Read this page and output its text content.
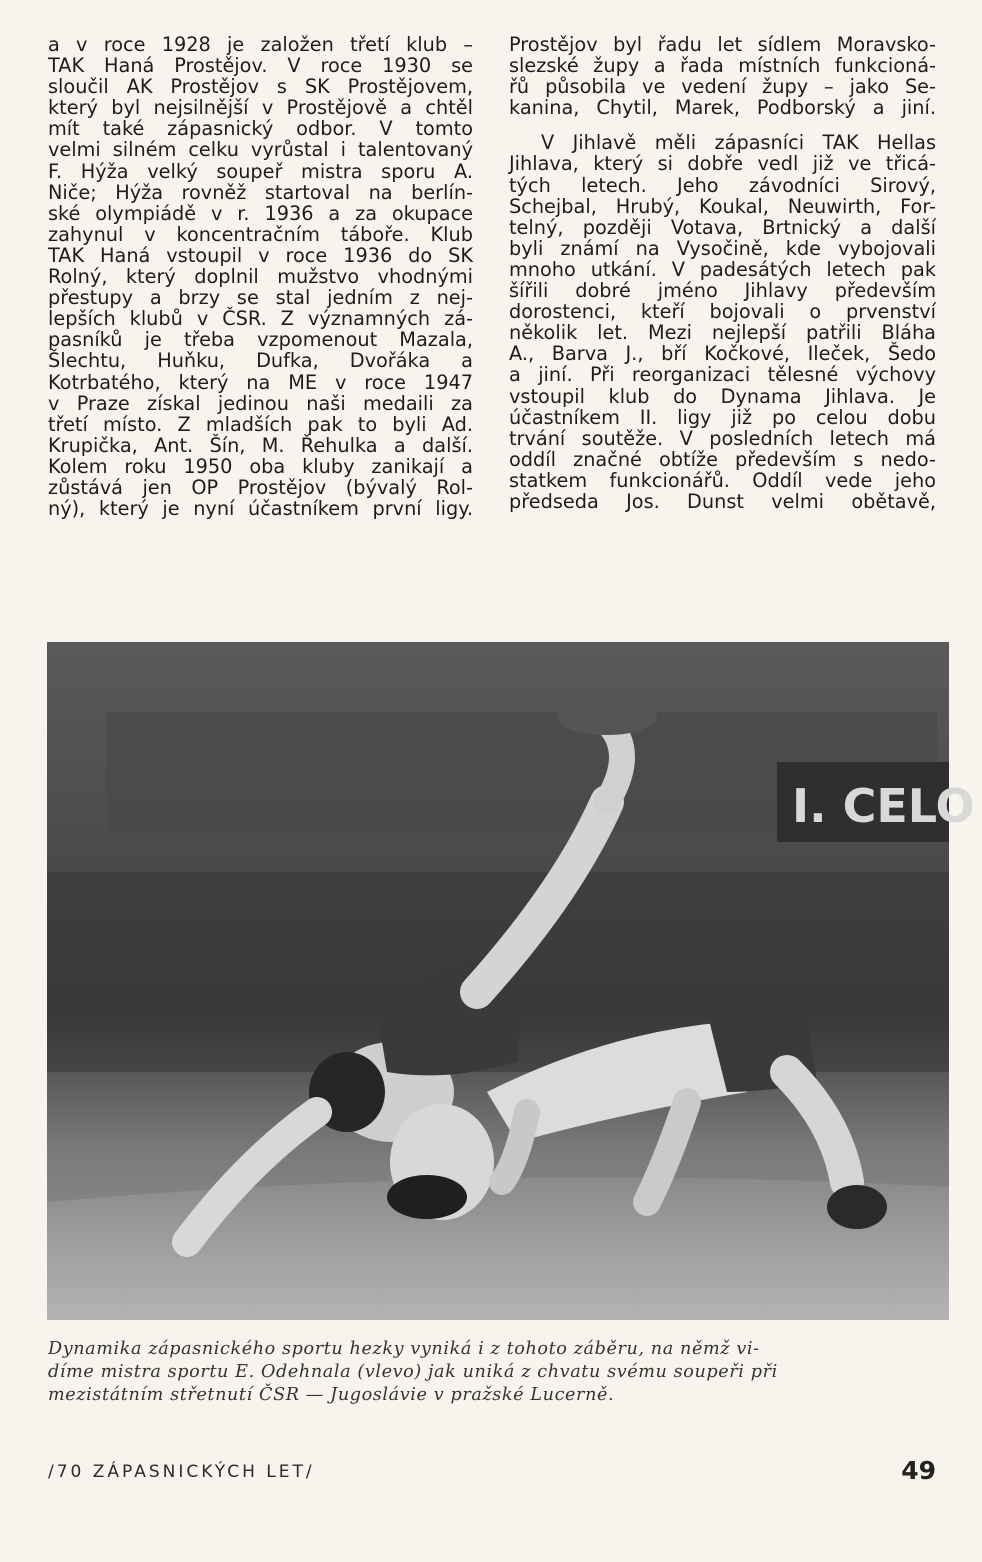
a v roce 1928 je založen třetí klub –
TAK Haná Prostějov. V roce 1930 se
sloučil AK Prostějov s SK Prostějovem,
který byl nejsilnější v Prostějově a chtěl
mít také zápasnický odbor. V tomto
velmi silném celku vyrůstal i talentovaný
F. Hýža velký soupeř mistra sporu A.
Niče; Hýža rovněž startoval na berlín-
ské olympiádě v r. 1936 a za okupace
zahynul v koncentračním táboře. Klub
TAK Haná vstoupil v roce 1936 do SK
Rolný, který doplnil mužstvo vhodnými
přestupy a brzy se stal jedním z nej-
lepších klubů v ČSR. Z významných zá-
pasníků je třeba vzpomenout Mazala,
Šlechtu, Huňku, Dufka, Dvořáka a
Kotrbatého, který na ME v roce 1947
v Praze získal jedinou naši medaili za
třetí místo. Z mladších pak to byli Ad.
Krupička, Ant. Šín, M. Řehulka a další.
Kolem roku 1950 oba kluby zanikají a
zůstává jen OP Prostějov (bývalý Rol-
ný), který je nyní účastníkem první ligy.

Prostějov byl řadu let sídlem Moravsko-
slezské župy a řada místních funkcioná-
řů působila ve vedení župy – jako Se-
kanina, Chytil, Marek, Podborský a jiní.

V Jihlavě měli zápasníci TAK Hellas
Jihlava, který si dobře vedl již ve třicá-
tých letech. Jeho závodníci Sirový,
Schejbal, Hrubý, Koukal, Neuwirth, For-
telný, později Votava, Brtnický a další
byli známí na Vysočině, kde vybojovali
mnoho utkání. V padesátých letech pak
šířili dobré jméno Jihlavy především
dorostenci, kteří bojovali o prvenství
několik let. Mezi nejlepší patřili Bláha
A., Barva J., bří Kočkové, Ileček, Šedo
a jiní. Při reorganizaci tělesné výchovy
vstoupil klub do Dynama Jihlava. Je
účastníkem II. ligy již po celou dobu
trvání soutěže. V posledních letech má
oddíl značné obtíže především s nedo-
statkem funkcionářů. Oddíl vede jeho
předseda Jos. Dunst velmi obětavě,

I. CELO
Dynamika zápasnického sportu hezky vyniká i z tohoto záběru, na němž vi-
díme mistra sportu E. Odehnala (vlevo) jak uniká z chvatu svému soupeři při
mezistátním střetnutí ČSR — Jugoslávie v pražské Lucerně.
/70 ZÁPASNICKÝCH LET/	49
